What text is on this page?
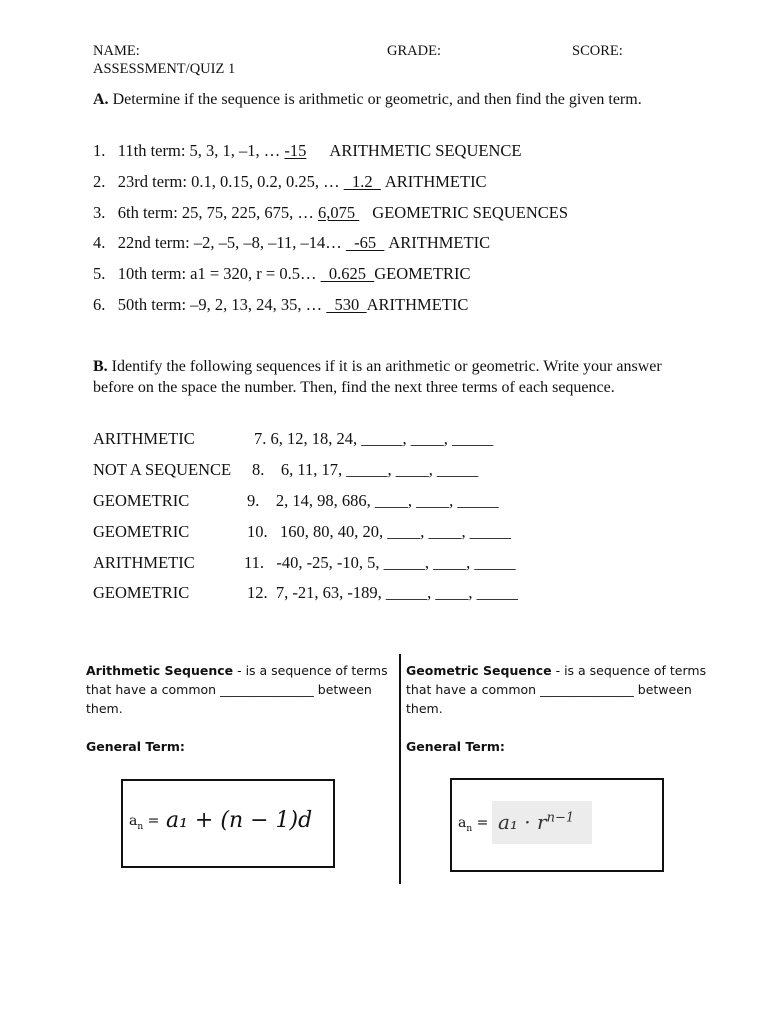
NAME:	GRADE:	SCORE:
ASSESSMENT/QUIZ 1
A. Determine if the sequence is arithmetic or geometric, and then find the given term.
1. 11th term: 5, 3, 1, –1, … -15 ARITHMETIC SEQUENCE
2. 23rd term: 0.1, 0.15, 0.2, 0.25, …   1.2  ARITHMETIC
3. 6th term: 25, 75, 225, 675, … 6,075 GEOMETRIC SEQUENCES
4. 22nd term: –2, –5, –8, –11, –14…   -65  ARITHMETIC
5. 10th term: a1 = 320, r = 0.5…   0.625  GEOMETRIC
6. 50th term: –9, 2, 13, 24, 35, …   530  ARITHMETIC
B. Identify the following sequences if it is an arithmetic or geometric. Write your answer before on the space the number. Then, find the next three terms of each sequence.
ARITHMETIC	7. 6, 12, 18, 24, _____, ____, _____
NOT A SEQUENCE 8.    6, 11, 17, _____, ____, _____
GEOMETRIC	9.    2, 14, 98, 686, ____, ____, _____
GEOMETRIC	10.   160, 80, 40, 20, ____, ____, _____
ARITHMETIC	11.   -40, -25, -10, 5, _____, ____, _____
GEOMETRIC	12.  7, -21, 63, -189, _____, ____, _____
Arithmetic Sequence - is a sequence of terms that have a common _______________ between them.
General Term:
Geometric Sequence - is a sequence of terms that have a common _______________ between them.
General Term:
$a_n = a_1 + (n - 1)d$	$a_n = a_1 \cdot r^{n-1}$
